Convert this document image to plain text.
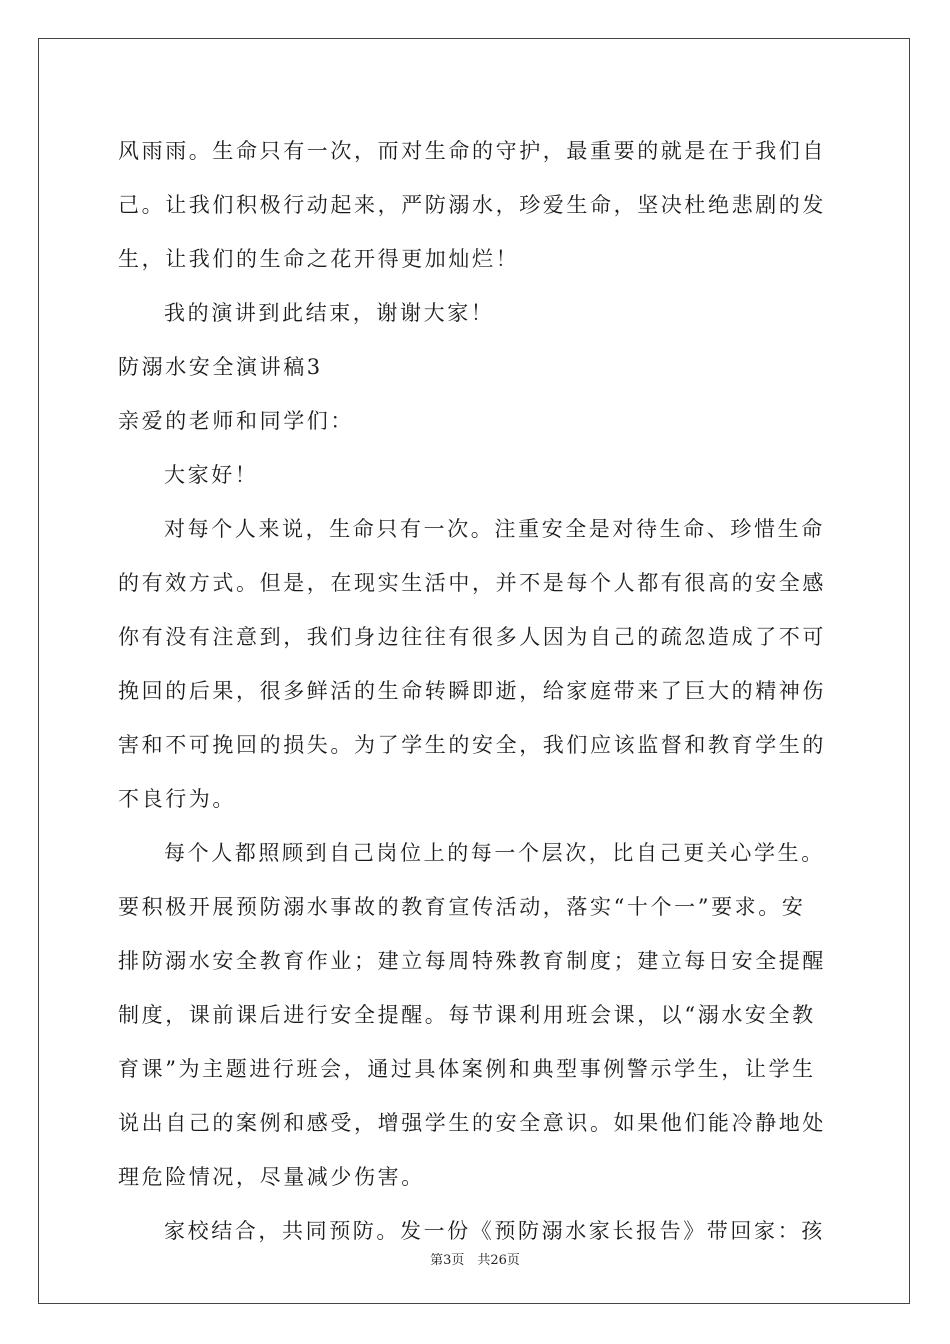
风雨雨。生命只有一次，而对生命的守护，最重要的就是在于我们自
己。让我们积极行动起来，严防溺水，珍爱生命，坚决杜绝悲剧的发
生，让我们的生命之花开得更加灿烂！
我的演讲到此结束，谢谢大家！
防溺水安全演讲稿3
亲爱的老师和同学们：
大家好！
对每个人来说，生命只有一次。注重安全是对待生命、珍惜生命
的有效方式。但是，在现实生活中，并不是每个人都有很高的安全感
你有没有注意到，我们身边往往有很多人因为自己的疏忽造成了不可
挽回的后果，很多鲜活的生命转瞬即逝，给家庭带来了巨大的精神伤
害和不可挽回的损失。为了学生的安全，我们应该监督和教育学生的
不良行为。
每个人都照顾到自己岗位上的每一个层次，比自己更关心学生。
要积极开展预防溺水事故的教育宣传活动，落实“十个一”要求。安
排防溺水安全教育作业；建立每周特殊教育制度；建立每日安全提醒
制度，课前课后进行安全提醒。每节课利用班会课，以“溺水安全教
育课”为主题进行班会，通过具体案例和典型事例警示学生，让学生
说出自己的案例和感受，增强学生的安全意识。如果他们能冷静地处
理危险情况，尽量减少伤害。
家校结合，共同预防。发一份《预防溺水家长报告》带回家：孩
第3页　共26页
